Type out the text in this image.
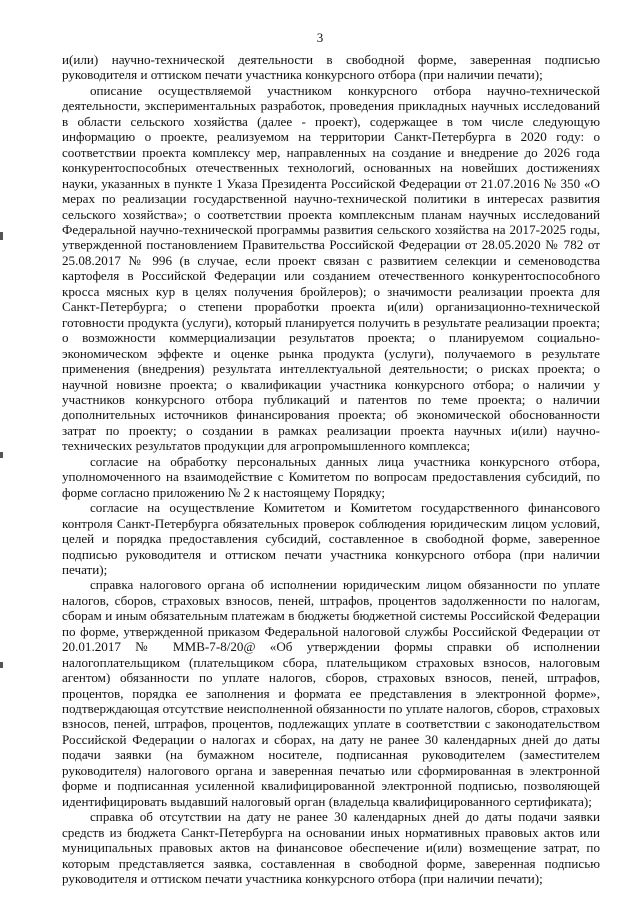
3

и(или) научно-технической деятельности в свободной форме, заверенная подписью руководителя и оттиском печати участника конкурсного отбора (при наличии печати);

описание осуществляемой участником конкурсного отбора научно-технической деятельности, экспериментальных разработок, проведения прикладных научных исследований в области сельского хозяйства (далее - проект), содержащее в том числе следующую информацию о проекте, реализуемом на территории Санкт-Петербурга в 2020 году: о соответствии проекта комплексу мер, направленных на создание и внедрение до 2026 года конкурентоспособных отечественных технологий, основанных на новейших достижениях науки, указанных в пункте 1 Указа Президента Российской Федерации от 21.07.2016 № 350 «О мерах по реализации государственной научно-технической политики в интересах развития сельского хозяйства»; о соответствии проекта комплексным планам научных исследований Федеральной научно-технической программы развития сельского хозяйства на 2017-2025 годы, утвержденной постановлением Правительства Российской Федерации от 28.05.2020 № 782 от 25.08.2017 № 996 (в случае, если проект связан с развитием селекции и семеноводства картофеля в Российской Федерации или созданием отечественного конкурентоспособного кросса мясных кур в целях получения бройлеров); о значимости реализации проекта для Санкт-Петербурга; о степени проработки проекта и(или) организационно-технической готовности продукта (услуги), который планируется получить в результате реализации проекта; о возможности коммерциализации результатов проекта; о планируемом социально-экономическом эффекте и оценке рынка продукта (услуги), получаемого в результате применения (внедрения) результата интеллектуальной деятельности; о рисках проекта; о научной новизне проекта; о квалификации участника конкурсного отбора; о наличии у участников конкурсного отбора публикаций и патентов по теме проекта; о наличии дополнительных источников финансирования проекта; об экономической обоснованности затрат по проекту; о создании в рамках реализации проекта научных и(или) научно-технических результатов продукции для агропромышленного комплекса;

согласие на обработку персональных данных лица участника конкурсного отбора, уполномоченного на взаимодействие с Комитетом по вопросам предоставления субсидий, по форме согласно приложению № 2 к настоящему Порядку;

согласие на осуществление Комитетом и Комитетом государственного финансового контроля Санкт-Петербурга обязательных проверок соблюдения юридическим лицом условий, целей и порядка предоставления субсидий, составленное в свободной форме, заверенное подписью руководителя и оттиском печати участника конкурсного отбора (при наличии печати);

справка налогового органа об исполнении юридическим лицом обязанности по уплате налогов, сборов, страховых взносов, пеней, штрафов, процентов задолженности по налогам, сборам и иным обязательным платежам в бюджеты бюджетной системы Российской Федерации по форме, утвержденной приказом Федеральной налоговой службы Российской Федерации от 20.01.2017 № ММВ-7-8/20@ «Об утверждении формы справки об исполнении налогоплательщиком (плательщиком сбора, плательщиком страховых взносов, налоговым агентом) обязанности по уплате налогов, сборов, страховых взносов, пеней, штрафов, процентов, порядка ее заполнения и формата ее представления в электронной форме», подтверждающая отсутствие неисполненной обязанности по уплате налогов, сборов, страховых взносов, пеней, штрафов, процентов, подлежащих уплате в соответствии с законодательством Российской Федерации о налогах и сборах, на дату не ранее 30 календарных дней до даты подачи заявки (на бумажном носителе, подписанная руководителем (заместителем руководителя) налогового органа и заверенная печатью или сформированная в электронной форме и подписанная усиленной квалифицированной электронной подписью, позволяющей идентифицировать выдавший налоговый орган (владельца квалифицированного сертификата);

справка об отсутствии на дату не ранее 30 календарных дней до даты подачи заявки средств из бюджета Санкт-Петербурга на основании иных нормативных правовых актов или муниципальных правовых актов на финансовое обеспечение и(или) возмещение затрат, по которым представляется заявка, составленная в свободной форме, заверенная подписью руководителя и оттиском печати участника конкурсного отбора (при наличии печати);
